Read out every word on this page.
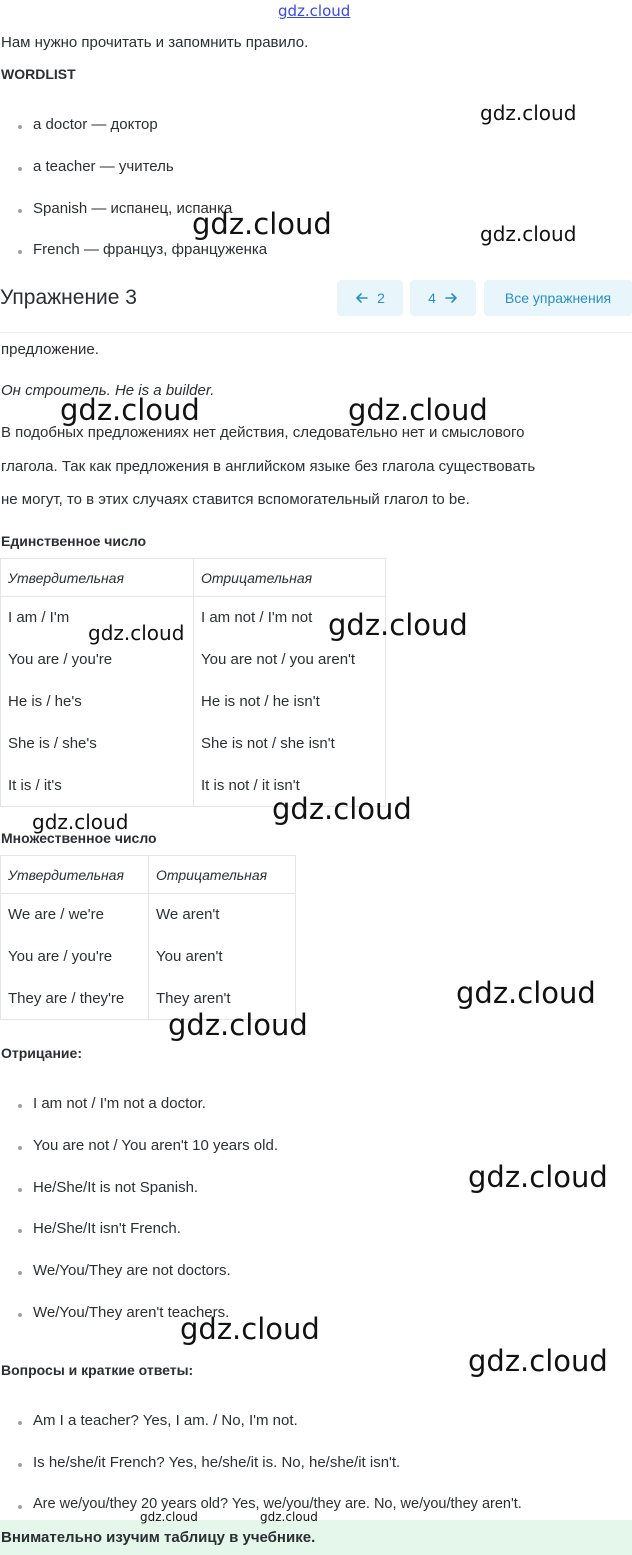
gdz.cloud
Нам нужно прочитать и запомнить правило.
WORDLIST
a doctor — доктор
a teacher — учитель
Spanish — испанец, испанка
French — француз, француженка
Упражнение 3	2	4	Все упражнения
предложение.
Он строитель. He is a builder.
В подобных предложениях нет действия, следовательно нет и смыслового
глагола. Так как предложения в английском языке без глагола существовать
не могут, то в этих случаях ставится вспомогательный глагол to be.
Единственное число
Утвердительная	Отрицательная
I am / I'm	I am not / I'm not
You are / you're	You are not / you aren't
He is / he's	He is not / he isn't
She is / she's	She is not / she isn't
It is / it's	It is not / it isn't
Множественное число
Утвердительная	Отрицательная
We are / we're	We aren't
You are / you're	You aren't
They are / they're	They aren't
Отрицание:
I am not / I'm not a doctor.
You are not / You aren't 10 years old.
He/She/It is not Spanish.
He/She/It isn't French.
We/You/They are not doctors.
We/You/They aren't teachers.
Вопросы и краткие ответы:
Am I a teacher? Yes, I am. / No, I'm not.
Is he/she/it French? Yes, he/she/it is. No, he/she/it isn't.
Are we/you/they 20 years old? Yes, we/you/they are. No, we/you/they aren't.
Внимательно изучим таблицу в учебнике.
gdz.cloud
gdz.cloud
gdz.cloud
gdz.cloud	gdz.cloud
gdz.cloud	gdz.cloud
gdz.cloud
gdz.cloud
gdz.cloud
gdz.cloud
gdz.cloud
gdz.cloud
gdz.cloud
gdz.cloud	gdz.cloud
